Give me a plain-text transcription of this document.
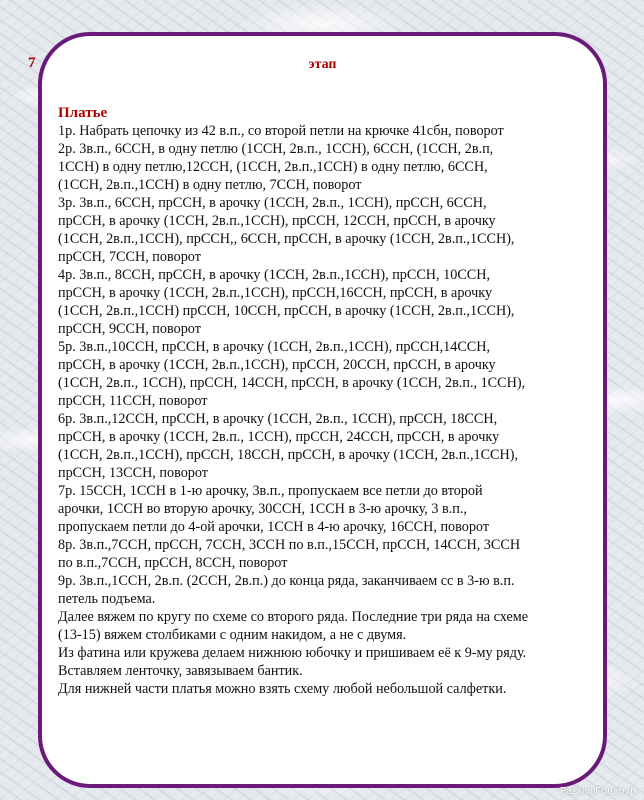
7	этап

Платье

1р. Набрать цепочку из 42 в.п., со второй петли на крючке 41сбн, поворот
2р. 3в.п., 6ССН, в одну петлю (1ССН, 2в.п., 1ССН), 6ССН, (1ССН, 2в.п,
1ССН) в одну петлю,12ССН, (1ССН, 2в.п.,1ССН) в одну петлю, 6ССН,
(1ССН, 2в.п.,1ССН) в одну петлю, 7ССН, поворот
3р. 3в.п., 6ССН, прССН, в арочку (1ССН, 2в.п., 1ССН), прССН, 6ССН,
прССН, в арочку (1ССН, 2в.п.,1ССН), прССН, 12ССН, прССН, в арочку
(1ССН, 2в.п.,1ССН), прССН,, 6ССН, прССН, в арочку (1ССН, 2в.п.,1ССН),
прССН, 7ССН, поворот
4р. 3в.п., 8ССН, прССН, в арочку (1ССН, 2в.п.,1ССН), прССН, 10ССН,
прССН, в арочку (1ССН, 2в.п.,1ССН), прССН,16ССН, прССН, в арочку
(1ССН, 2в.п.,1ССН) прССН, 10ССН, прССН, в арочку (1ССН, 2в.п.,1ССН),
прССН, 9ССН, поворот
5р. 3в.п.,10ССН, прССН, в арочку (1ССН, 2в.п.,1ССН), прССН,14ССН,
прССН, в арочку (1ССН, 2в.п.,1ССН), прССН, 20ССН, прССН, в арочку
(1ССН, 2в.п., 1ССН), прССН, 14ССН, прССН, в арочку (1ССН, 2в.п., 1ССН),
прССН, 11ССН, поворот
6р. 3в.п.,12ССН, прССН, в арочку (1ССН, 2в.п., 1ССН), прССН, 18ССН,
прССН, в арочку (1ССН, 2в.п., 1ССН), прССН, 24ССН, прССН, в арочку
(1ССН, 2в.п.,1ССН), прССН, 18ССН, прССН, в арочку (1ССН, 2в.п.,1ССН),
прССН, 13ССН, поворот
7р. 15ССН, 1ССН в 1-ю арочку, 3в.п., пропускаем все петли до второй
арочки, 1ССН во вторую арочку, 30ССН, 1ССН в 3-ю арочку, 3 в.п.,
пропускаем петли до 4-ой арочки, 1ССН в 4-ю арочку, 16ССН, поворот
8р. 3в.п.,7ССН, прССН, 7ССН, 3ССН по в.п.,15ССН, прССН, 14ССН, 3ССН
по в.п.,7ССН, прССН, 8ССН, поворот
9р. 3в.п.,1ССН, 2в.п. (2ССН, 2в.п.) до конца ряда, заканчиваем сс в 3-ю в.п.
петель подъема.
Далее вяжем по кругу по схеме со второго ряда. Последние три ряда на схеме
(13-15) вяжем столбиками с одним накидом, а не с двумя.
Из фатина или кружева делаем нижнюю юбочку и пришиваем её к 9-му ряду.
Вставляем ленточку, завязываем бантик.
Для нижней части платья можно взять схему любой небольшой салфетки.

PassionForum.ru
